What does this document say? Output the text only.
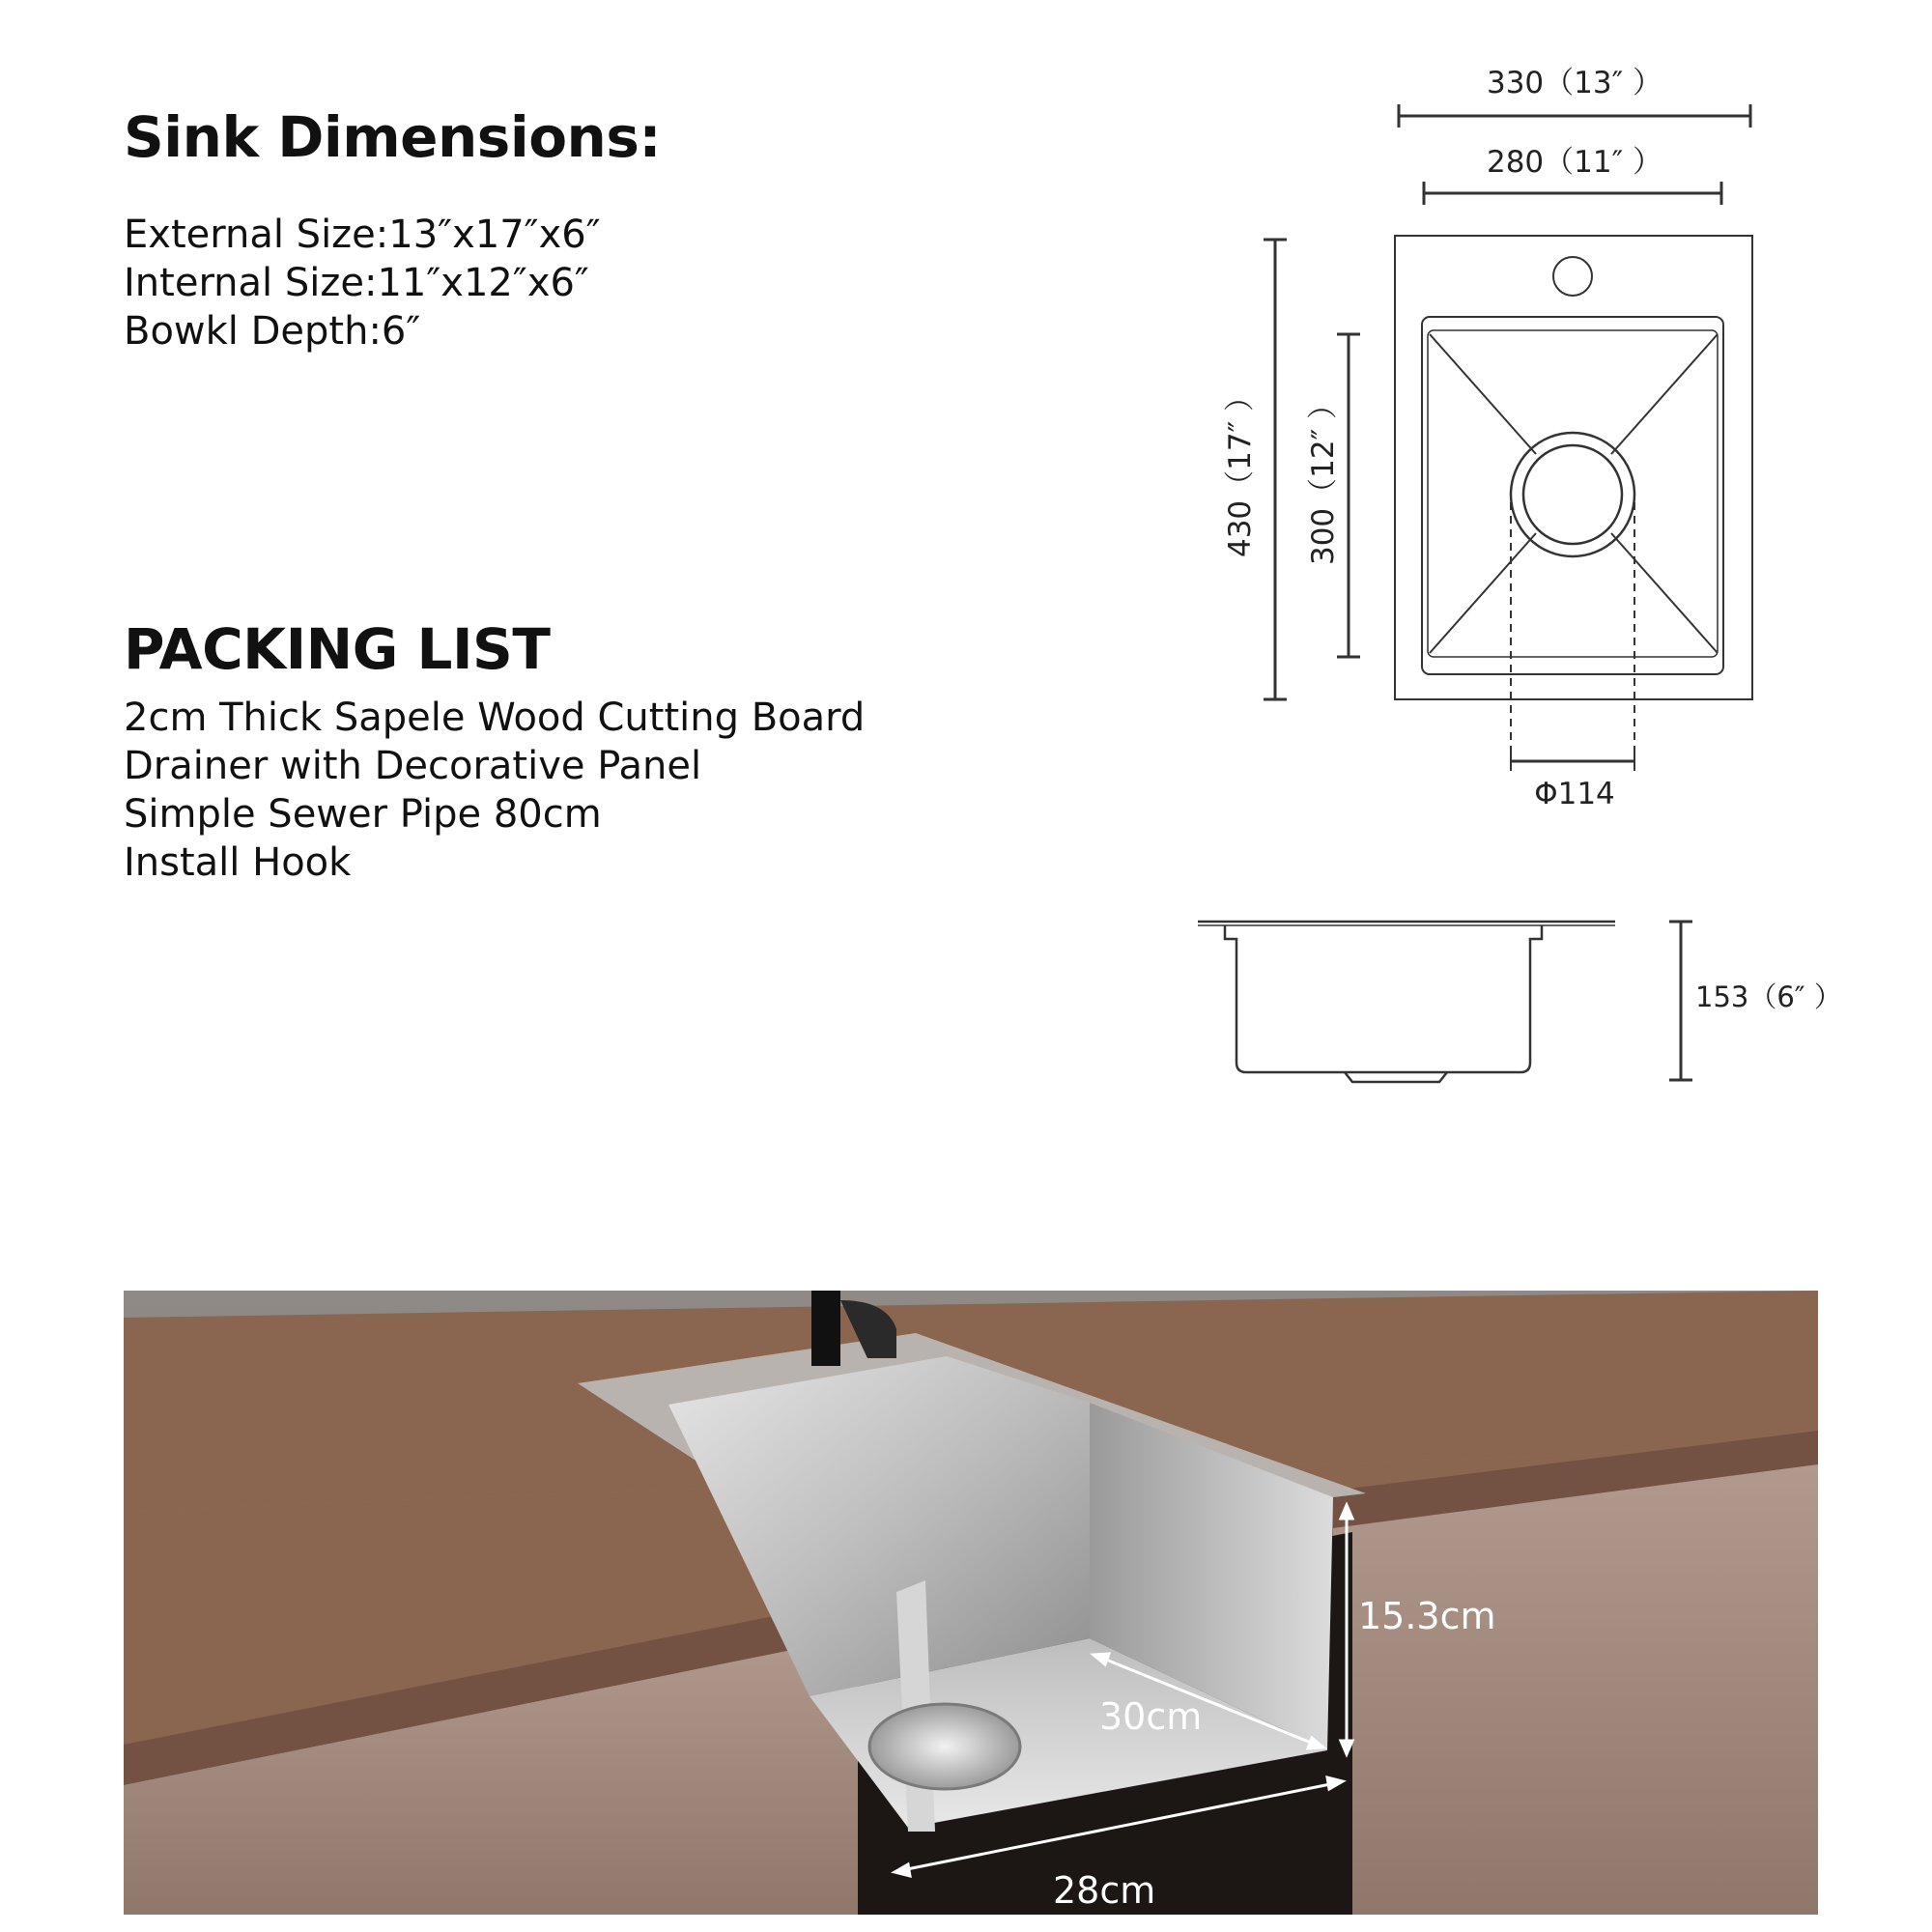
Sink Dimensions:
External Size:13″x17″x6″
Internal Size:11″x12″x6″
Bowkl Depth:6″
PACKING LIST
2cm Thick Sapele Wood Cutting Board
Drainer with Decorative Panel
Simple Sewer Pipe 80cm
Install Hook
330（13″ ）
280（11″ ）
430（17″ ） 300（12″ ）
Φ114
153（6″ ）
30cm
15.3cm
28cm
